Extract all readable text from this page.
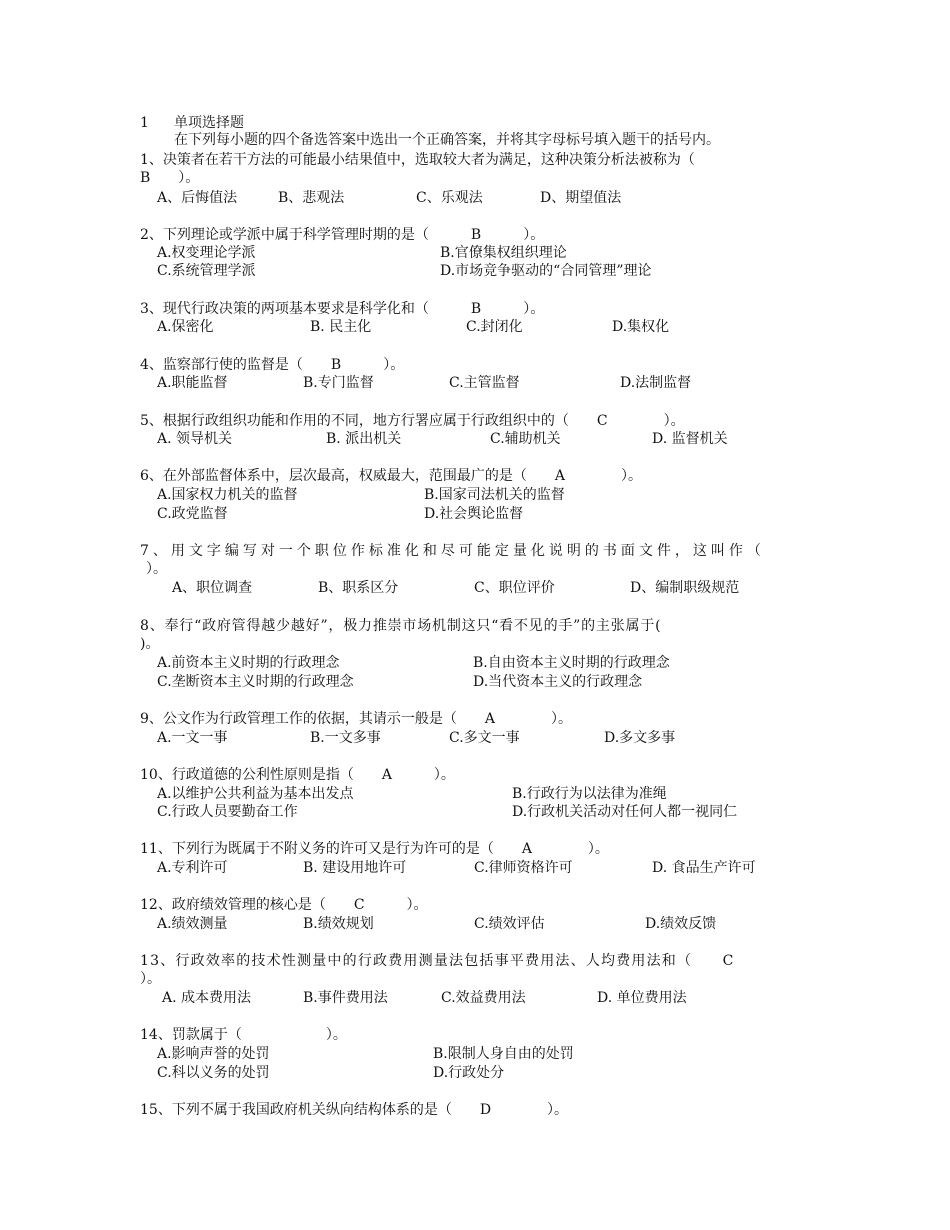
1 单项选择题
在下列每小题的四个备选答案中选出一个正确答案，并将其字母标号填入题干的括号内。
1、决策者在若干方法的可能最小结果值中，选取较大者为满足，这种决策分析法被称为（
B　　）。
A、后悔值法	B、悲观法	C、乐观法	D、期望值法
2、下列理论或学派中属于科学管理时期的是（　　　B　　　）。
A.权变理论学派	B.官僚集权组织理论
C.系统管理学派	D.市场竞争驱动的“合同管理”理论
3、现代行政决策的两项基本要求是科学化和（　　　B　　　）。
A.保密化	B. 民主化	C.封闭化	D.集权化
4、监察部行使的监督是（　　B　　　）。
A.职能监督	B.专门监督	C.主管监督	D.法制监督
5、根据行政组织功能和作用的不同，地方行署应属于行政组织中的（　　C　　　　）。
A. 领导机关	B. 派出机关	C.辅助机关	D. 监督机关
6、在外部监督体系中，层次最高，权威最大，范围最广的是（　　A　　　　）。
A.国家权力机关的监督	B.国家司法机关的监督
C.政党监督	D.社会舆论监督
7、用文字编写对一个职位作标准化和尽可能定量化说明的书面文件，这叫作（
）。
A、职位调查	B、职系区分	C、职位评价	D、编制职级规范
8、奉行“政府管得越少越好”，极力推崇市场机制这只“看不见的手”的主张属于(
)。
A.前资本主义时期的行政理念	B.自由资本主义时期的行政理念
C.垄断资本主义时期的行政理念	D.当代资本主义的行政理念
9、公文作为行政管理工作的依据，其请示一般是（　　A　　　　）。
A.一文一事	B.一文多事	C.多文一事	D.多文多事
10、行政道德的公利性原则是指（　　A　　　）。
A.以维护公共利益为基本出发点	B.行政行为以法律为准绳
C.行政人员要勤奋工作	D.行政机关活动对任何人都一视同仁
11、下列行为既属于不附义务的许可又是行为许可的是（　　A　　　　）。
A.专利许可	B. 建设用地许可	C.律师资格许可	D. 食品生产许可
12、政府绩效管理的核心是（　　C　　　）。
A.绩效测量	B.绩效规划	C.绩效评估	D.绩效反馈
13、行政效率的技术性测量中的行政费用测量法包括事平费用法、人均费用法和（　　C
）。
A. 成本费用法	B.事件费用法	C.效益费用法	D. 单位费用法
14、罚款属于（　　　　　　）。
A.影响声誉的处罚	B.限制人身自由的处罚
C.科以义务的处罚	D.行政处分
15、下列不属于我国政府机关纵向结构体系的是（　　D　　　　）。
